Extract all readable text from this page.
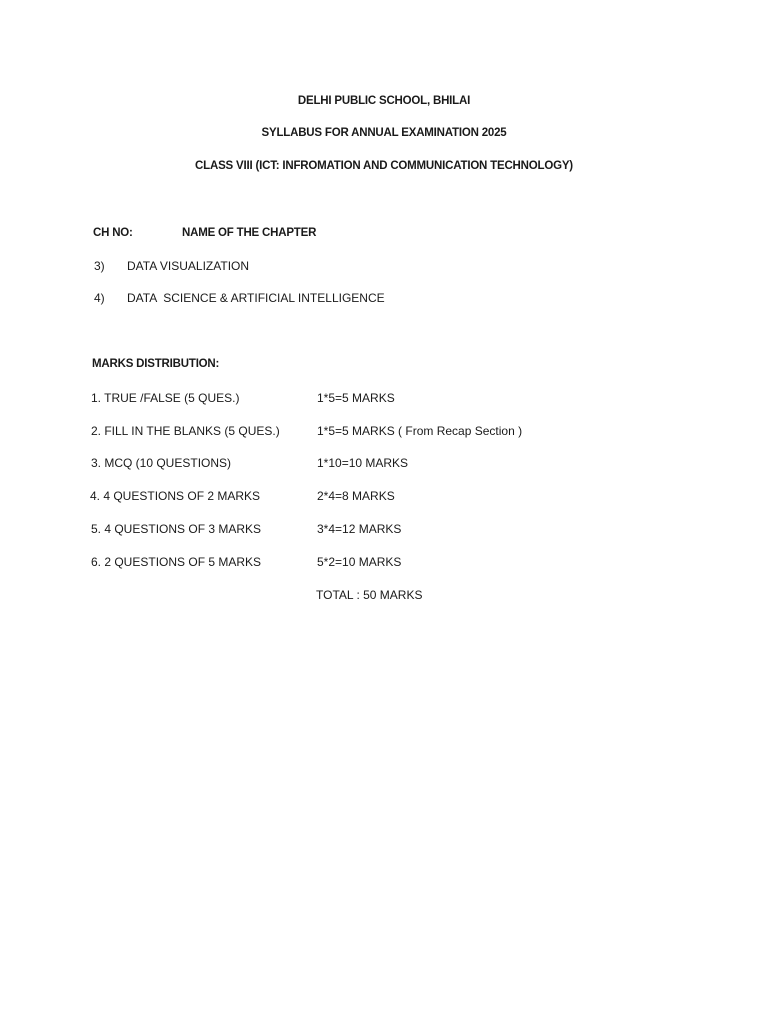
DELHI PUBLIC SCHOOL, BHILAI
SYLLABUS FOR ANNUAL EXAMINATION 2025
CLASS VIII (ICT: INFROMATION AND COMMUNICATION TECHNOLOGY)
CH NO:	NAME OF THE CHAPTER
3) DATA VISUALIZATION
4) DATA  SCIENCE & ARTIFICIAL INTELLIGENCE
MARKS DISTRIBUTION:
1. TRUE /FALSE (5 QUES.)	1*5=5 MARKS
2. FILL IN THE BLANKS (5 QUES.)	1*5=5 MARKS ( From Recap Section )
3. MCQ (10 QUESTIONS)	1*10=10 MARKS
4. 4 QUESTIONS OF 2 MARKS	2*4=8 MARKS
5. 4 QUESTIONS OF 3 MARKS	3*4=12 MARKS
6. 2 QUESTIONS OF 5 MARKS	5*2=10 MARKS
TOTAL : 50 MARKS
